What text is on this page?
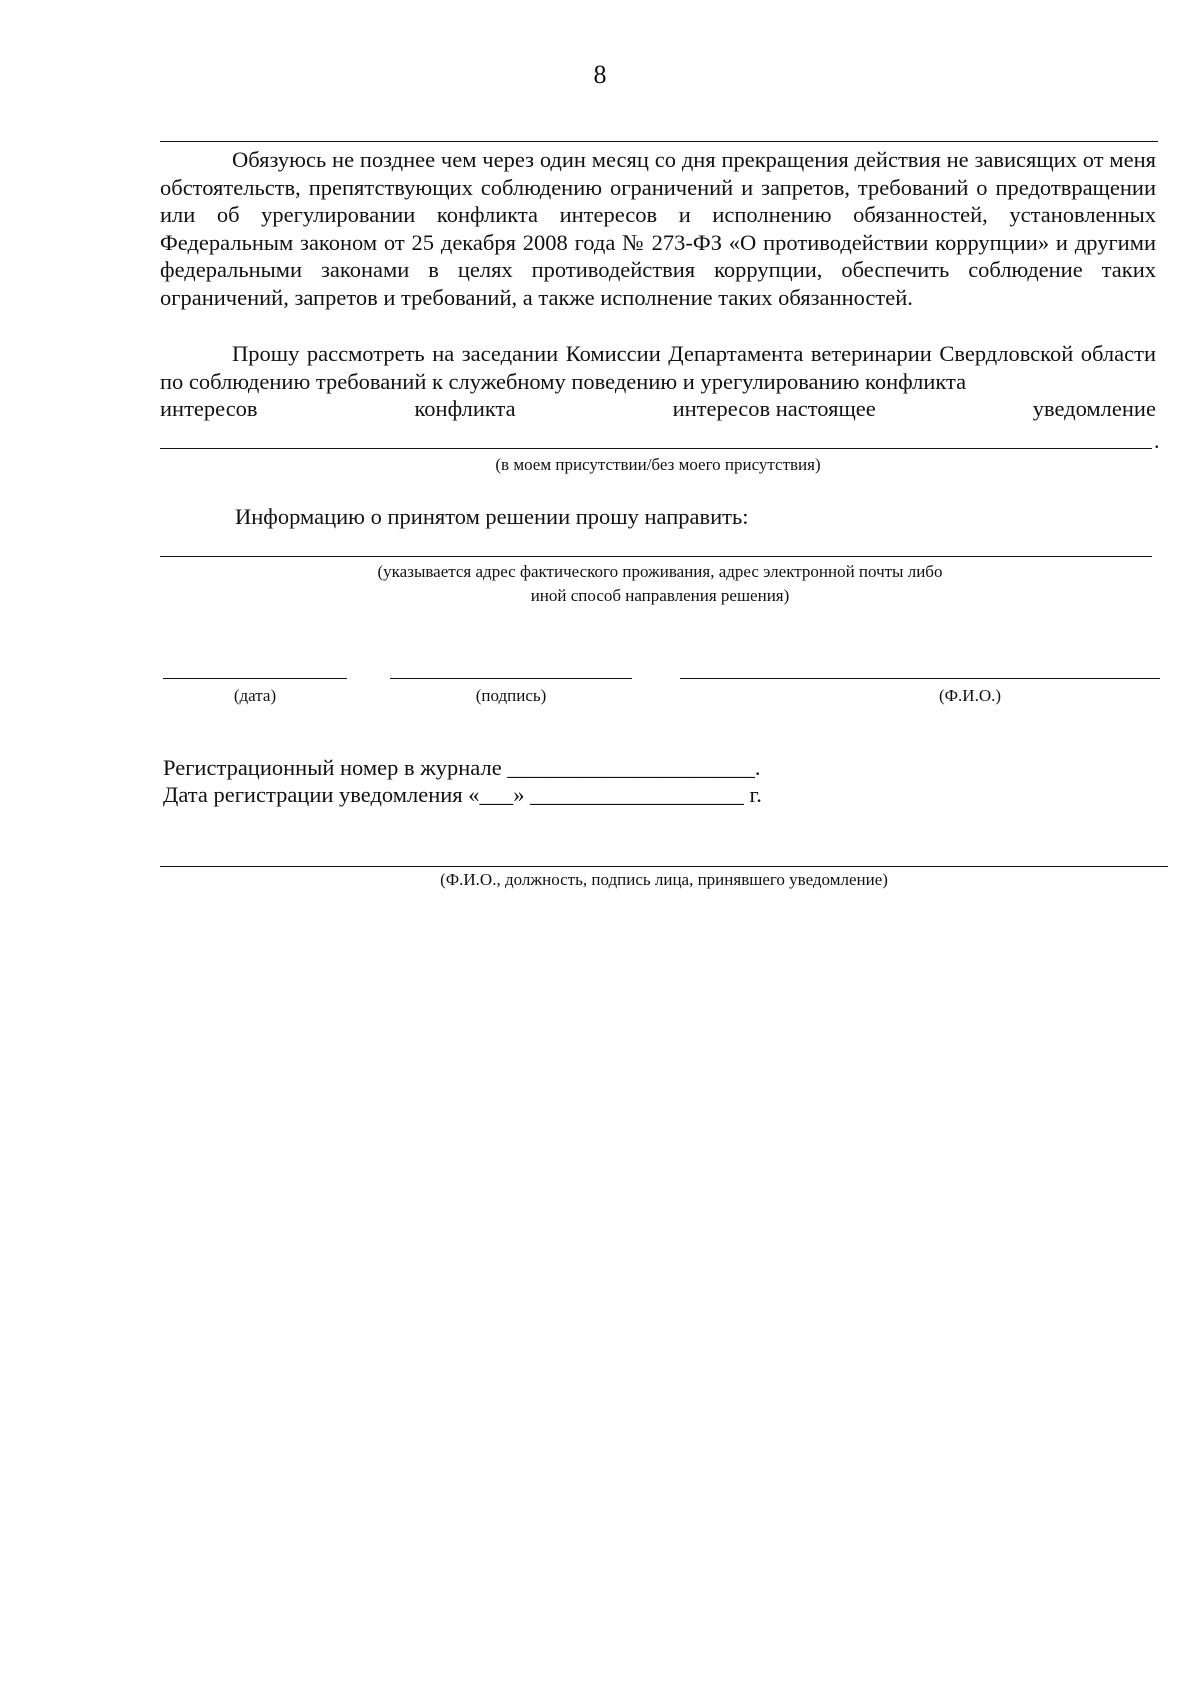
8
Обязуюсь не позднее чем через один месяц со дня прекращения действия не зависящих от меня обстоятельств, препятствующих соблюдению ограничений и запретов, требований о предотвращении или об урегулировании конфликта интересов и исполнению обязанностей, установленных Федеральным законом от 25 декабря 2008 года № 273-ФЗ «О противодействии коррупции» и другими федеральными законами в целях противодействия коррупции, обеспечить соблюдение таких ограничений, запретов и требований, а также исполнение таких обязанностей.
Прошу рассмотреть на заседании Комиссии Департамента ветеринарии Свердловской области по соблюдению требований к служебному поведению и урегулированию конфликта
интересов	конфликта	интересов настоящее	уведомление
.
(в моем присутствии/без моего присутствия)
Информацию о принятом решении прошу направить:
(указывается адрес фактического проживания, адрес электронной почты либо
иной способ направления решения)
(дата)	(подпись)	(Ф.И.О.)
Регистрационный номер в журнале ______________________.
Дата регистрации уведомления «___» ___________________ г.
(Ф.И.О., должность, подпись лица, принявшего уведомление)
